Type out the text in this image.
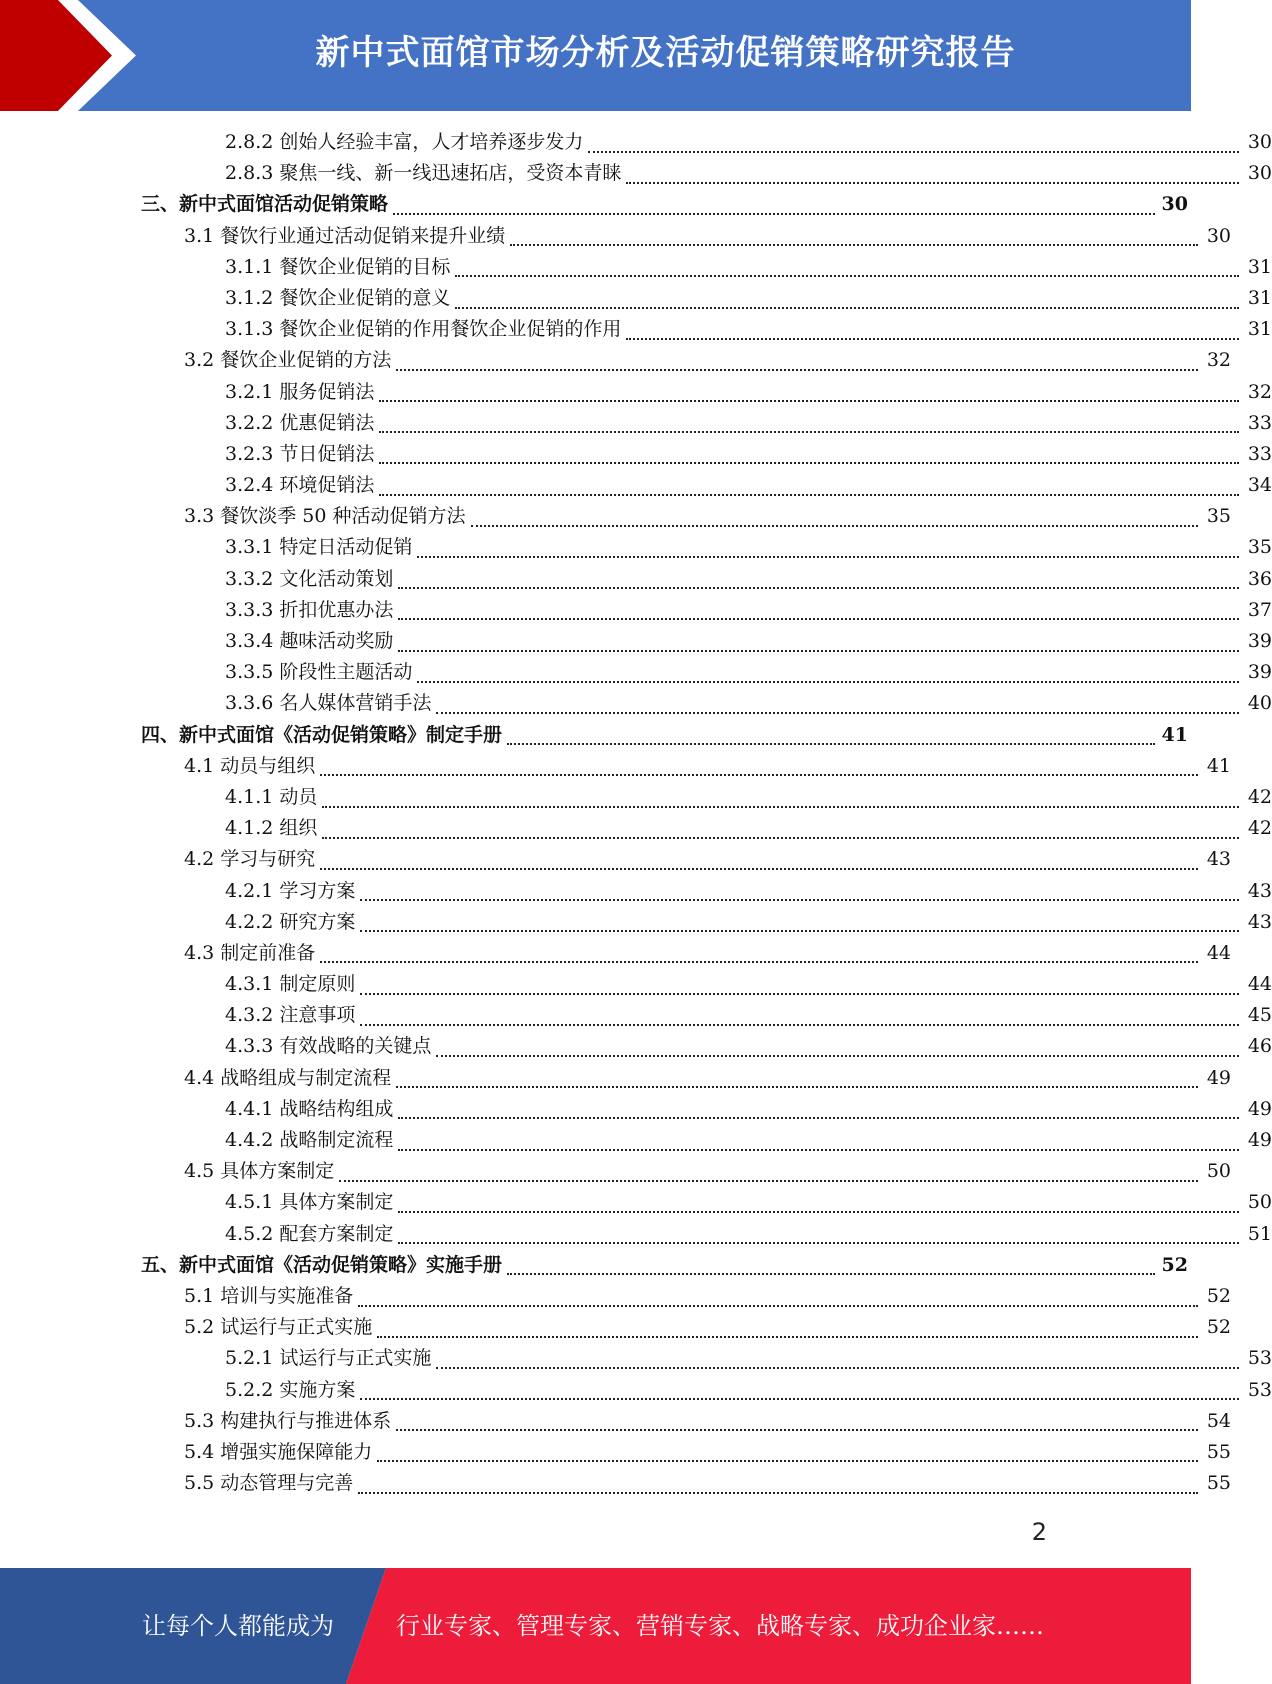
新中式面馆市场分析及活动促销策略研究报告
2.8.2 创始人经验丰富，人才培养逐步发力	30
2.8.3 聚焦一线、新一线迅速拓店，受资本青睐	30
三、新中式面馆活动促销策略	30
3.1 餐饮行业通过活动促销来提升业绩	30
3.1.1 餐饮企业促销的目标	31
3.1.2 餐饮企业促销的意义	31
3.1.3 餐饮企业促销的作用餐饮企业促销的作用	31
3.2 餐饮企业促销的方法	32
3.2.1 服务促销法	32
3.2.2 优惠促销法	33
3.2.3 节日促销法	33
3.2.4 环境促销法	34
3.3 餐饮淡季 50 种活动促销方法	35
3.3.1 特定日活动促销	35
3.3.2 文化活动策划	36
3.3.3 折扣优惠办法	37
3.3.4 趣味活动奖励	39
3.3.5 阶段性主题活动	39
3.3.6 名人媒体营销手法	40
四、新中式面馆《活动促销策略》制定手册	41
4.1 动员与组织	41
4.1.1 动员	42
4.1.2 组织	42
4.2 学习与研究	43
4.2.1 学习方案	43
4.2.2 研究方案	43
4.3 制定前准备	44
4.3.1 制定原则	44
4.3.2 注意事项	45
4.3.3 有效战略的关键点	46
4.4 战略组成与制定流程	49
4.4.1 战略结构组成	49
4.4.2 战略制定流程	49
4.5 具体方案制定	50
4.5.1 具体方案制定	50
4.5.2 配套方案制定	51
五、新中式面馆《活动促销策略》实施手册	52
5.1 培训与实施准备	52
5.2 试运行与正式实施	52
5.2.1 试运行与正式实施	53
5.2.2 实施方案	53
5.3 构建执行与推进体系	54
5.4 增强实施保障能力	55
5.5 动态管理与完善	55
2
让每个人都能成为	行业专家、管理专家、营销专家、战略专家、成功企业家……
